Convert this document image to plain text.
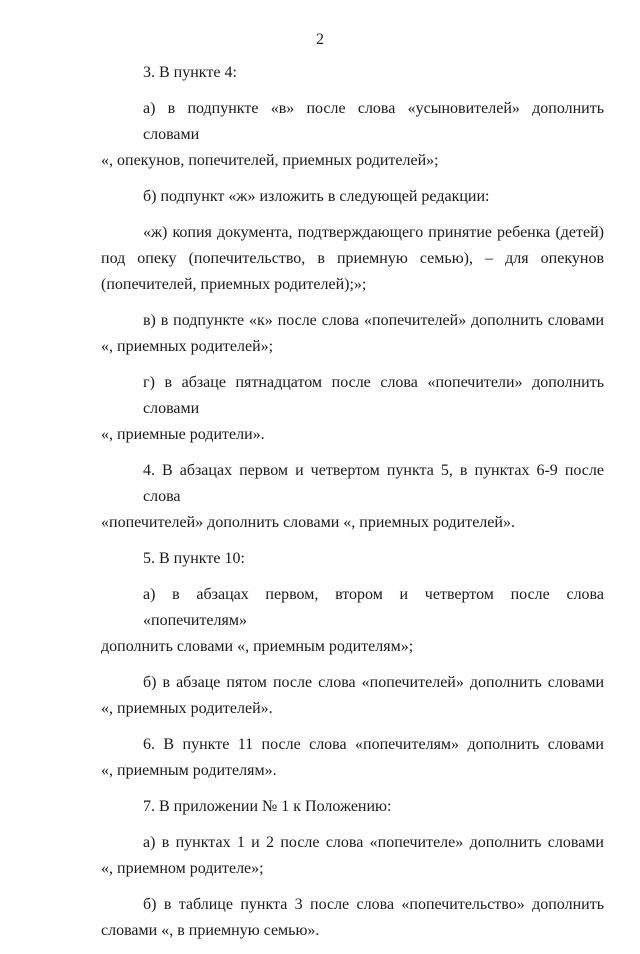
2
3. В пункте 4:
а) в подпункте «в» после слова «усыновителей» дополнить словами
«, опекунов, попечителей, приемных родителей»;
б) подпункт «ж» изложить в следующей редакции:
«ж) копия документа, подтверждающего принятие ребенка (детей)
под опеку (попечительство, в приемную семью), – для опекунов
(попечителей, приемных родителей);»;
в) в подпункте «к» после слова «попечителей» дополнить словами
«, приемных родителей»;
г) в абзаце пятнадцатом после слова «попечители» дополнить словами
«, приемные родители».
4. В абзацах первом и четвертом пункта 5, в пунктах 6-9 после слова
«попечителей» дополнить словами «, приемных родителей».
5. В пункте 10:
а) в абзацах первом, втором и четвертом после слова «попечителям»
дополнить словами «, приемным родителям»;
б) в абзаце пятом после слова «попечителей» дополнить словами
«, приемных родителей».
6. В пункте 11 после слова «попечителям» дополнить словами
«, приемным родителям».
7. В приложении № 1 к Положению:
а) в пунктах 1 и 2 после слова «попечителе» дополнить словами
«, приемном родителе»;
б) в таблице пункта 3 после слова «попечительство» дополнить
словами «, в приемную семью».
